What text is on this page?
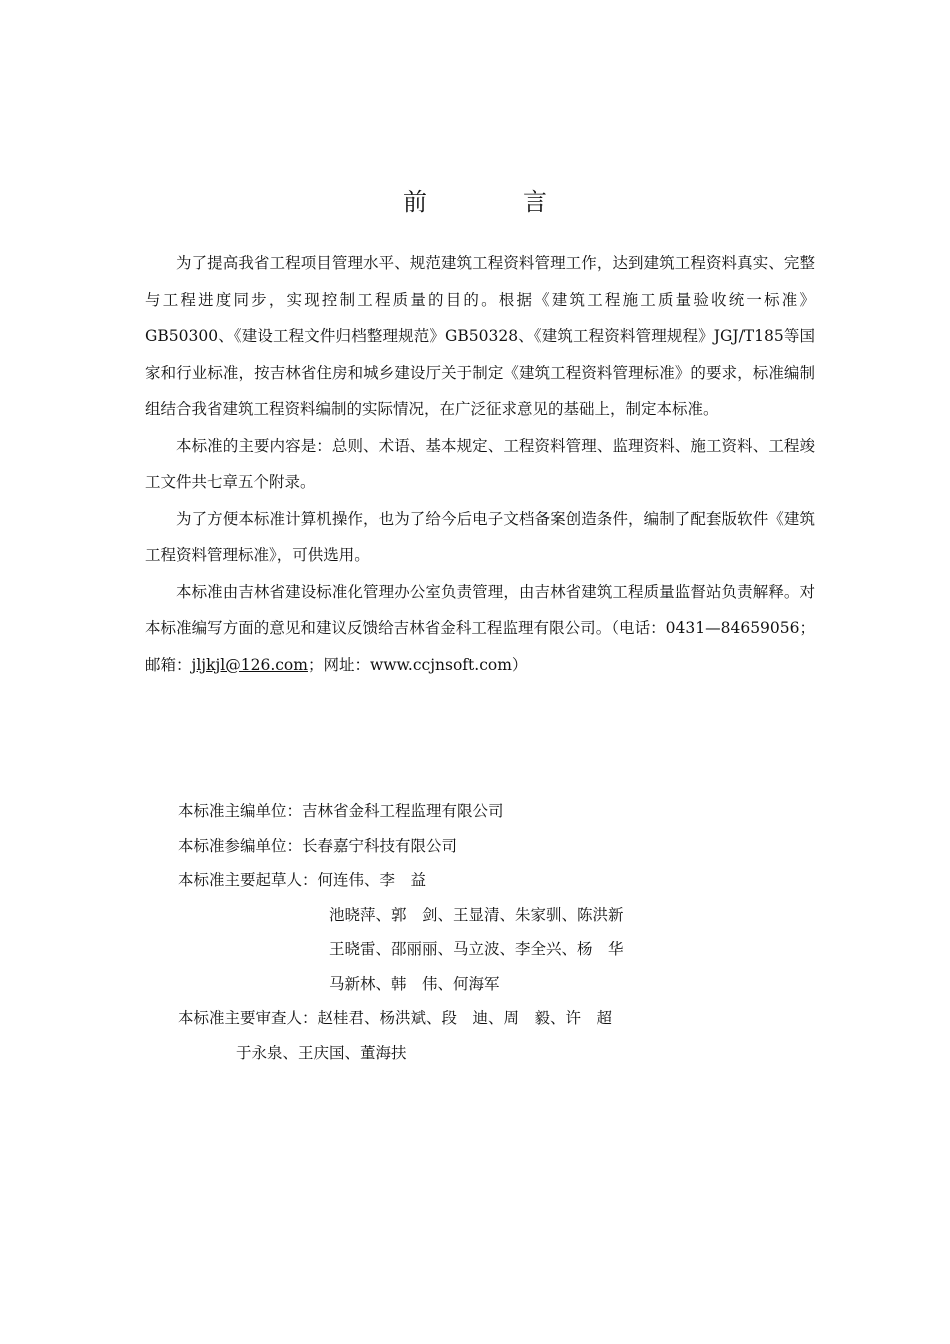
前　言

为了提高我省工程项目管理水平、规范建筑工程资料管理工作，达到建筑工程资料真实、完整与工程进度同步，实现控制工程质量的目的。根据《建筑工程施工质量验收统一标准》GB50300、《建设工程文件归档整理规范》GB50328、《建筑工程资料管理规程》JGJ/T185等国家和行业标准，按吉林省住房和城乡建设厅关于制定《建筑工程资料管理标准》的要求，标准编制组结合我省建筑工程资料编制的实际情况，在广泛征求意见的基础上，制定本标准。

本标准的主要内容是：总则、术语、基本规定、工程资料管理、监理资料、施工资料、工程竣工文件共七章五个附录。

为了方便本标准计算机操作，也为了给今后电子文档备案创造条件，编制了配套版软件《建筑工程资料管理标准》，可供选用。

本标准由吉林省建设标准化管理办公室负责管理，由吉林省建筑工程质量监督站负责解释。对本标准编写方面的意见和建议反馈给吉林省金科工程监理有限公司。（电话：0431—84659056；邮箱：jljkjl@126.com；网址：www.ccjnsoft.com）

本标准主编单位： 吉林省金科工程监理有限公司
本标准参编单位： 长春嘉宁科技有限公司
本标准主要起草人： 何连伟、李　益
池晓萍、郭　剑、王显清、朱家驯、陈洪新
王晓雷、邵丽丽、马立波、李全兴、杨　华
马新林、韩　伟、何海军
本标准主要审查人： 赵桂君、杨洪斌、段　迪、周　毅、许　超
于永泉、王庆国、董海扶
